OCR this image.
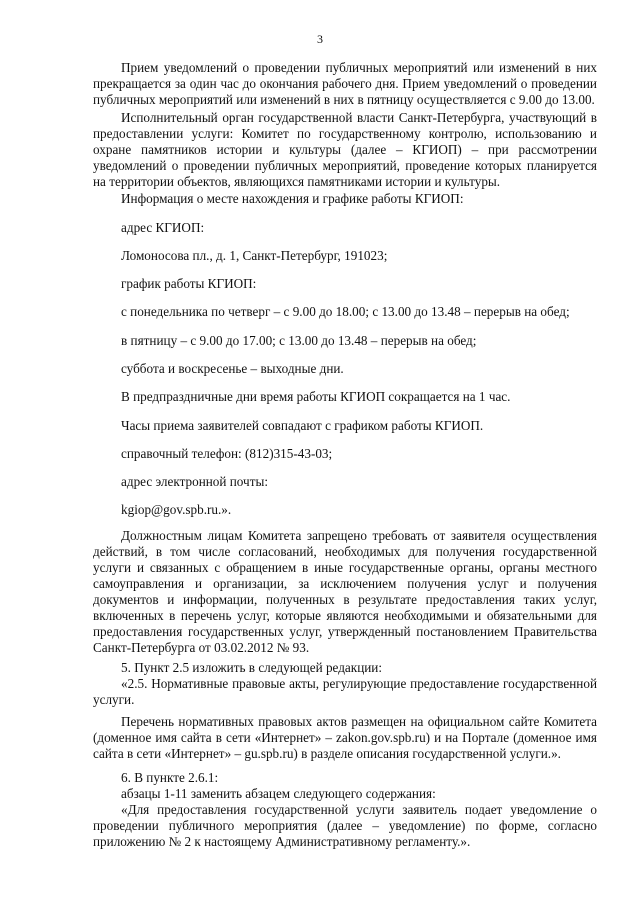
3

Прием уведомлений о проведении публичных мероприятий или изменений в них прекращается за один час до окончания рабочего дня. Прием уведомлений о проведении публичных мероприятий или изменений в них в пятницу осуществляется с 9.00 до 13.00.

Исполнительный орган государственной власти Санкт-Петербурга, участвующий в предоставлении услуги: Комитет по государственному контролю, использованию и охране памятников истории и культуры (далее – КГИОП) – при рассмотрении уведомлений о проведении публичных мероприятий, проведение которых планируется на территории объектов, являющихся памятниками истории и культуры.

Информация о месте нахождения и графике работы КГИОП:
адрес КГИОП:
Ломоносова пл., д. 1, Санкт-Петербург, 191023;
график работы КГИОП:
с понедельника по четверг – с 9.00 до 18.00; с 13.00 до 13.48 – перерыв на обед;
в пятницу – с 9.00 до 17.00; с 13.00 до 13.48 – перерыв на обед;
суббота и воскресенье – выходные дни.
В предпраздничные дни время работы КГИОП сокращается на 1 час.
Часы приема заявителей совпадают с графиком работы КГИОП.
справочный телефон: (812)315-43-03;
адрес электронной почты:
kgiop@gov.spb.ru.».

Должностным лицам Комитета запрещено требовать от заявителя осуществления действий, в том числе согласований, необходимых для получения государственной услуги и связанных с обращением в иные государственные органы, органы местного самоуправления и организации, за исключением получения услуг и получения документов и информации, полученных в результате предоставления таких услуг, включенных в перечень услуг, которые являются необходимыми и обязательными для предоставления государственных услуг, утвержденный постановлением Правительства Санкт-Петербурга от 03.02.2012 № 93.

5. Пункт 2.5 изложить в следующей редакции:

«2.5. Нормативные правовые акты, регулирующие предоставление государственной услуги.

Перечень нормативных правовых актов размещен на официальном сайте Комитета (доменное имя сайта в сети «Интернет» – zakon.gov.spb.ru) и на Портале (доменное имя сайта в сети «Интернет» – gu.spb.ru) в разделе описания государственной услуги.».

6. В пункте 2.6.1:
абзацы 1-11 заменить абзацем следующего содержания:

«Для предоставления государственной услуги заявитель подает уведомление о проведении публичного мероприятия (далее – уведомление) по форме, согласно приложению № 2 к настоящему Административному регламенту.».
